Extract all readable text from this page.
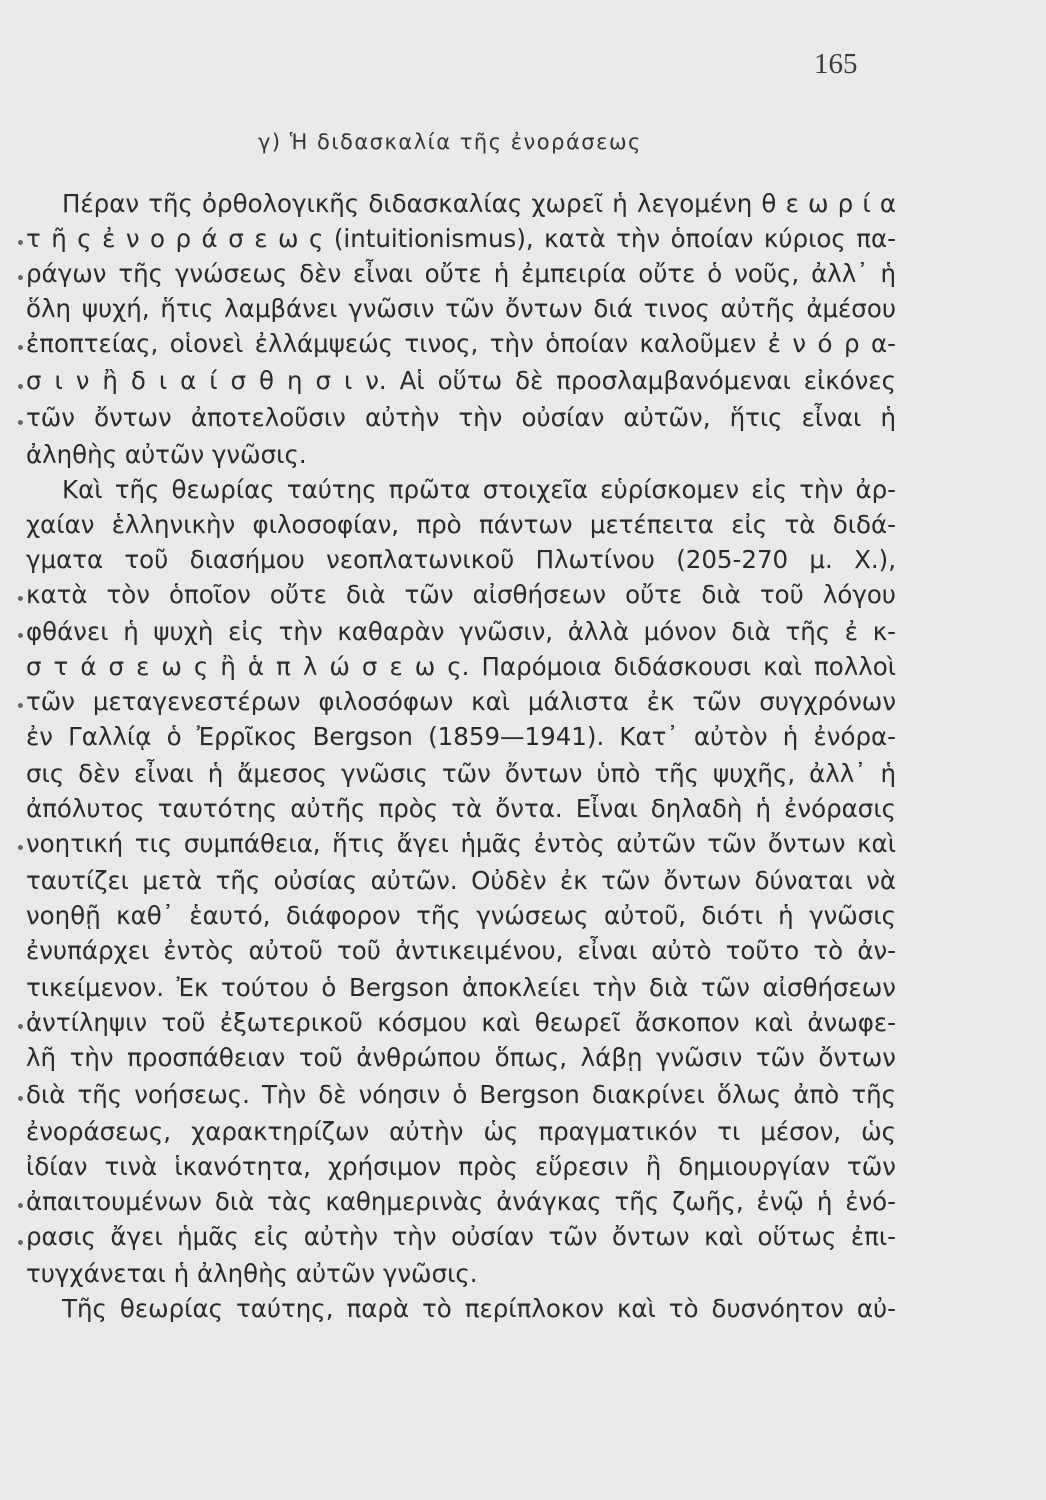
165
γ) Ἡ διδασκαλία τῆς ἐνοράσεως
Πέραν τῆς ὀρθολογικῆς διδασκαλίας χωρεῖ ἡ λεγομένη θ ε ω ρ ί α
τ ῆ ς ἐ ν ο ρ ά σ ε ω ς (intuitionismus), κατὰ τὴν ὁποίαν κύριος πα-
ράγων τῆς γνώσεως δὲν εἶναι οὔτε ἡ ἐμπειρία οὔτε ὁ νοῦς, ἀλλ᾽ ἡ
ὅλη ψυχή, ἥτις λαμβάνει γνῶσιν τῶν ὄντων διά τινος αὐτῆς ἀμέσου
ἐποπτείας, οἱονεὶ ἐλλάμψεώς τινος, τὴν ὁποίαν καλοῦμεν ἐ ν ό ρ α-
σ ι ν ἢ δ ι α ί σ θ η σ ι ν. Αἱ οὕτω δὲ προσλαμβανόμεναι εἰκόνες
τῶν ὄντων ἀποτελοῦσιν αὐτὴν τὴν οὐσίαν αὐτῶν, ἥτις εἶναι ἡ
ἀληθὴς αὐτῶν γνῶσις.
Καὶ τῆς θεωρίας ταύτης πρῶτα στοιχεῖα εὑρίσκομεν εἰς τὴν ἀρ-
χαίαν ἑλληνικὴν φιλοσοφίαν, πρὸ πάντων μετέπειτα εἰς τὰ διδά-
γματα τοῦ διασήμου νεοπλατωνικοῦ Πλωτίνου (205-270 μ. Χ.),
κατὰ τὸν ὁποῖον οὔτε διὰ τῶν αἰσθήσεων οὔτε διὰ τοῦ λόγου
φθάνει ἡ ψυχὴ εἰς τὴν καθαρὰν γνῶσιν, ἀλλὰ μόνον διὰ τῆς ἐ κ-
σ τ ά σ ε ω ς ἢ ἁ π λ ώ σ ε ω ς. Παρόμοια διδάσκουσι καὶ πολλοὶ
τῶν μεταγενεστέρων φιλοσόφων καὶ μάλιστα ἐκ τῶν συγχρόνων
ἐν Γαλλίᾳ ὁ Ἐρρῖκος Bergson (1859—1941). Κατ᾽ αὐτὸν ἡ ἐνόρα-
σις δὲν εἶναι ἡ ἄμεσος γνῶσις τῶν ὄντων ὑπὸ τῆς ψυχῆς, ἀλλ᾽ ἡ
ἀπόλυτος ταυτότης αὐτῆς πρὸς τὰ ὄντα. Εἶναι δηλαδὴ ἡ ἐνόρασις
νοητική τις συμπάθεια, ἥτις ἄγει ἡμᾶς ἐντὸς αὐτῶν τῶν ὄντων καὶ
ταυτίζει μετὰ τῆς οὐσίας αὐτῶν. Οὐδὲν ἐκ τῶν ὄντων δύναται νὰ
νοηθῇ καθ᾽ ἑαυτό, διάφορον τῆς γνώσεως αὐτοῦ, διότι ἡ γνῶσις
ἐνυπάρχει ἐντὸς αὐτοῦ τοῦ ἀντικειμένου, εἶναι αὐτὸ τοῦτο τὸ ἀν-
τικείμενον. Ἐκ τούτου ὁ Bergson ἀποκλείει τὴν διὰ τῶν αἰσθήσεων
ἀντίληψιν τοῦ ἐξωτερικοῦ κόσμου καὶ θεωρεῖ ἄσκοπον καὶ ἀνωφε-
λῆ τὴν προσπάθειαν τοῦ ἀνθρώπου ὅπως, λάβῃ γνῶσιν τῶν ὄντων
διὰ τῆς νοήσεως. Τὴν δὲ νόησιν ὁ Bergson διακρίνει ὅλως ἀπὸ τῆς
ἐνοράσεως, χαρακτηρίζων αὐτὴν ὡς πραγματικόν τι μέσον, ὡς
ἰδίαν τινὰ ἱκανότητα, χρήσιμον πρὸς εὕρεσιν ἢ δημιουργίαν τῶν
ἀπαιτουμένων διὰ τὰς καθημερινὰς ἀνάγκας τῆς ζωῆς, ἐνῷ ἡ ἐνό-
ρασις ἄγει ἡμᾶς εἰς αὐτὴν τὴν οὐσίαν τῶν ὄντων καὶ οὕτως ἐπι-
τυγχάνεται ἡ ἀληθὴς αὐτῶν γνῶσις.
Τῆς θεωρίας ταύτης, παρὰ τὸ περίπλοκον καὶ τὸ δυσνόητον αὐ-
